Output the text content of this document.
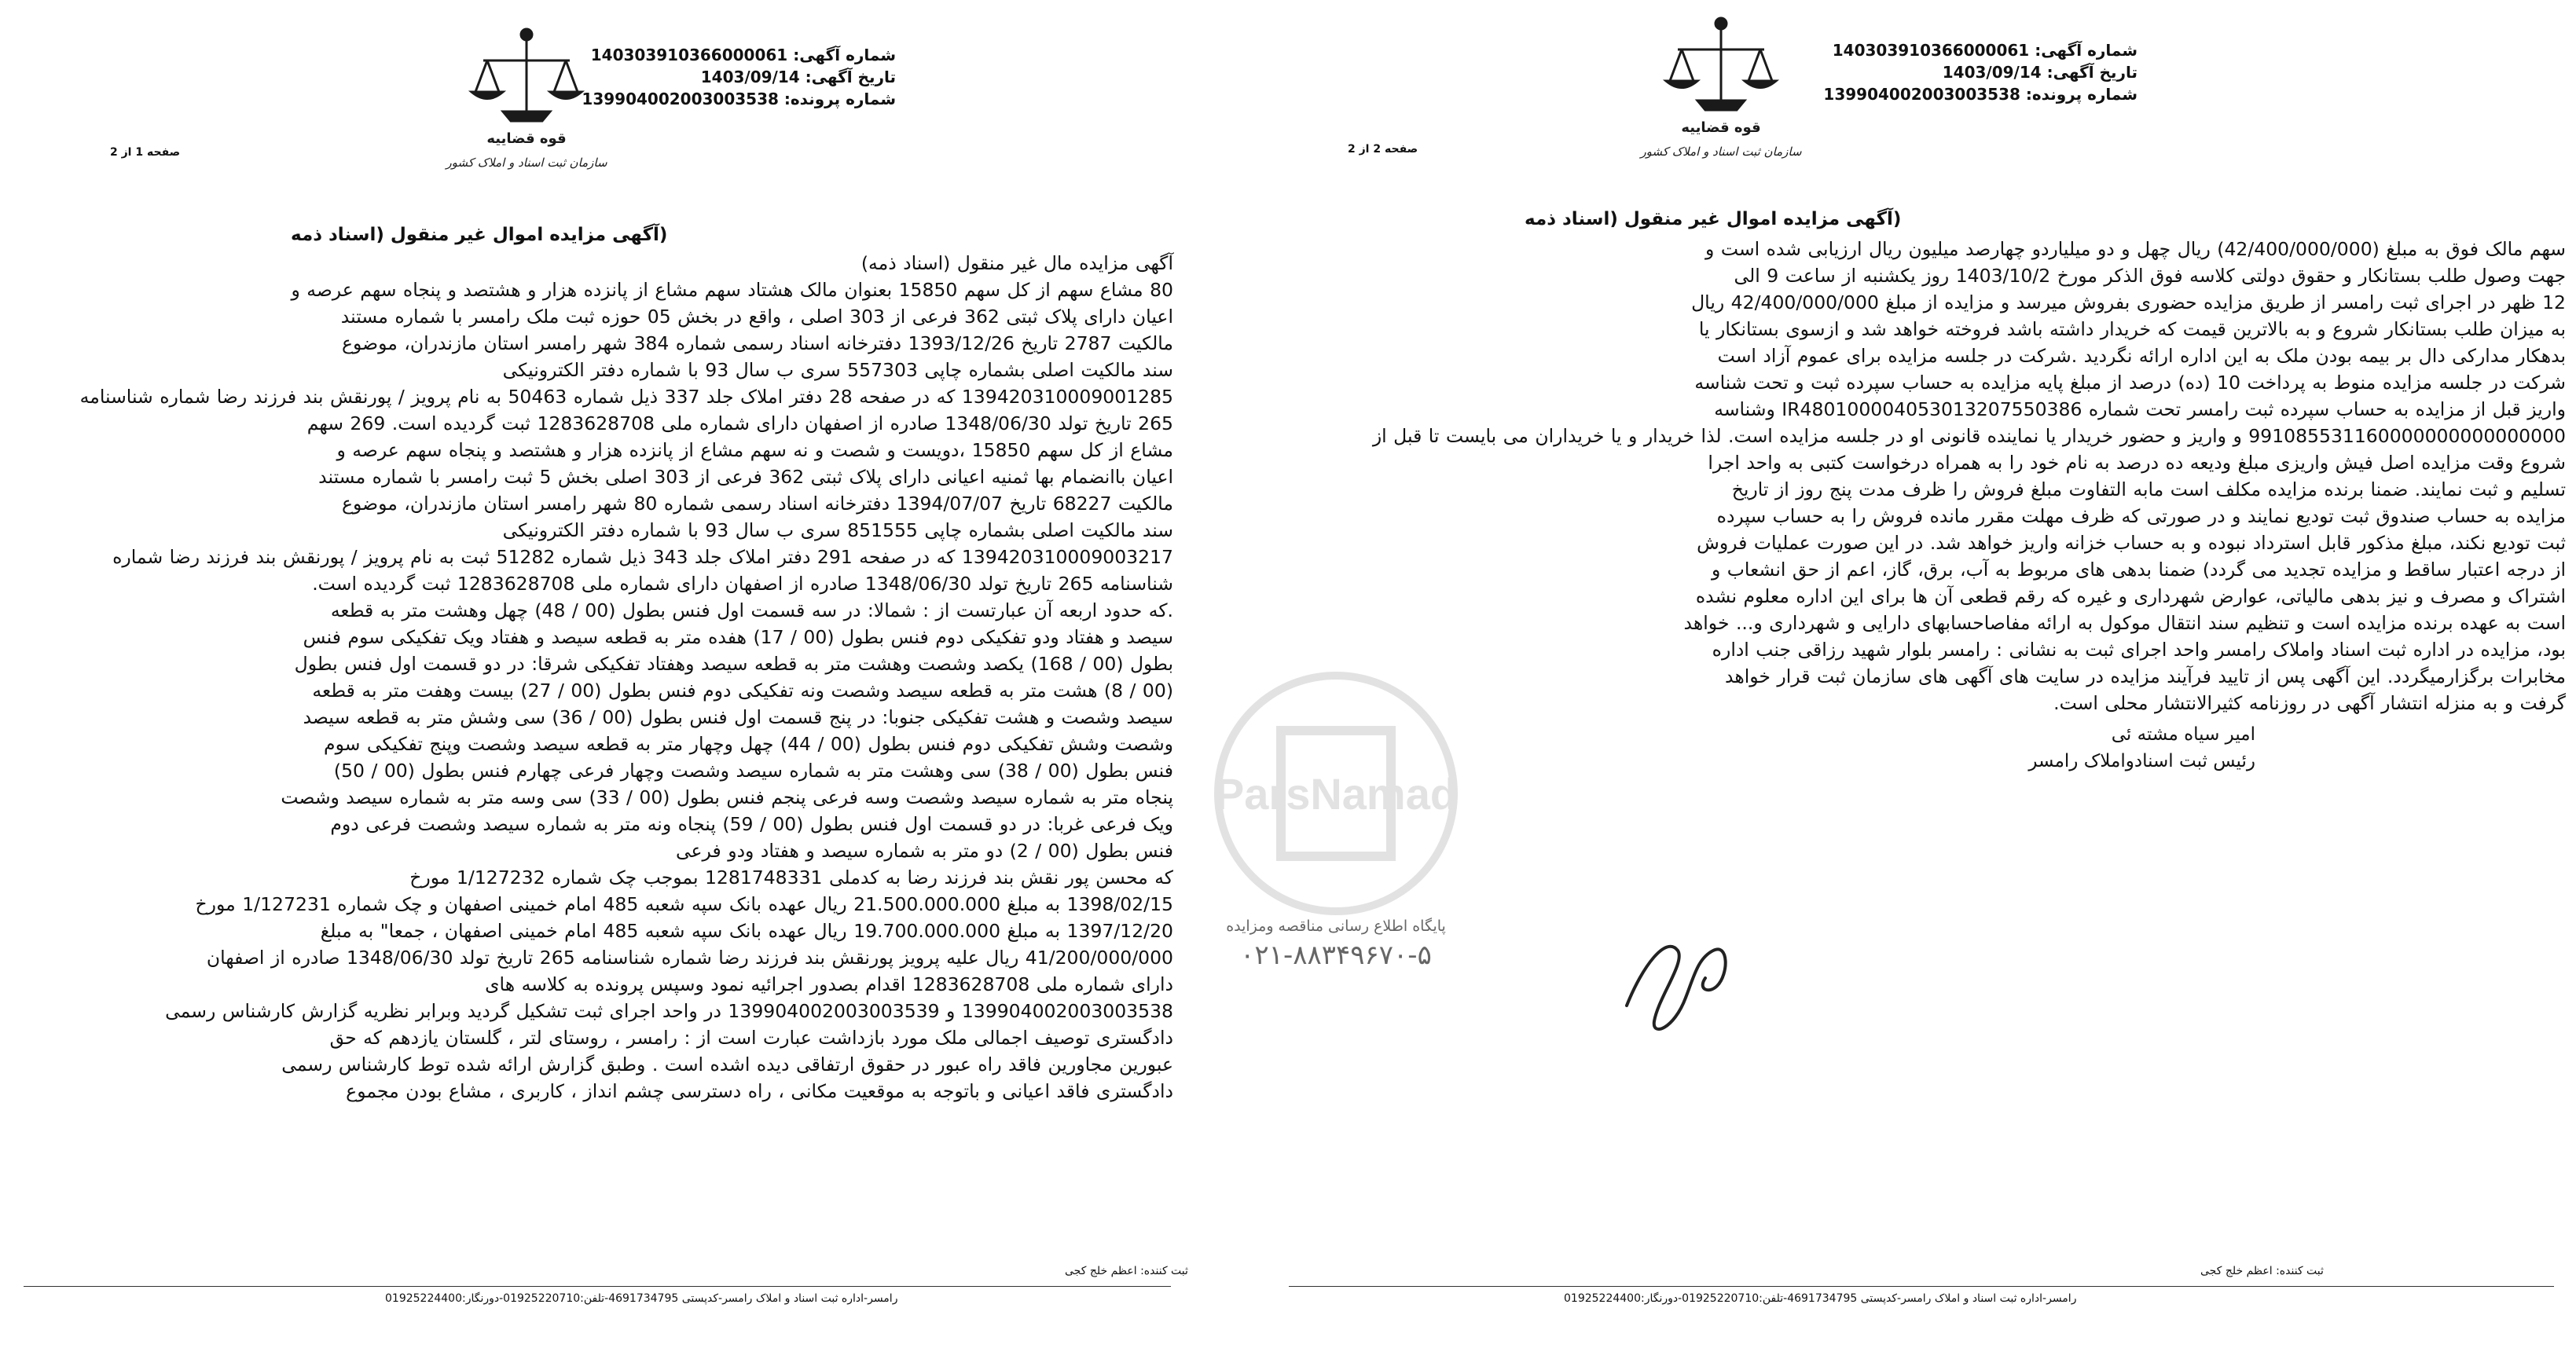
قوه قضاییه
سازمان ثبت اسناد و املاک کشور
شماره آگهی: 140303910366000061
تاریخ آگهی: 1403/09/14
شماره پرونده: 139904002003003538
صفحه 1 از 2
(آگهی مزایده اموال غیر منقول (اسناد ذمه

آگهی مزایده مال غیر منقول (اسناد ذمه)

80 مشاع سهم از کل سهم 15850 بعنوان مالک هشتاد سهم مشاع از پانزده هزار و هشتصد و پنجاه سهم عرصه و

اعیان دارای پلاک ثبتی 362 فرعی از 303 اصلی ، واقع در بخش 05 حوزه ثبت ملک رامسر با شماره مستند

مالکیت 2787 تاریخ 1393/12/26 دفترخانه اسناد رسمی شماره 384 شهر رامسر استان مازندران، موضوع

سند مالکیت اصلی بشماره چاپی 557303 سری ب سال 93 با شماره دفتر الکترونیکی

139420310009001285 که در صفحه 28 دفتر املاک جلد 337 ذیل شماره 50463 به نام پرویز / پورنقش بند فرزند رضا شماره شناسنامه

265 تاریخ تولد 1348/06/30 صادره از اصفهان دارای شماره ملی 1283628708 ثبت گردیده است. 269 سهم

مشاع از کل سهم 15850 ،دویست و شصت و نه سهم مشاع از پانزده هزار و هشتصد و پنجاه سهم عرصه و

اعیان باانضمام بها ثمنیه اعیانی دارای پلاک ثبتی 362 فرعی از 303 اصلی بخش 5 ثبت رامسر با شماره مستند

مالکیت 68227 تاریخ 1394/07/07 دفترخانه اسناد رسمی شماره 80 شهر رامسر استان مازندران، موضوع

سند مالکیت اصلی بشماره چاپی 851555 سری ب سال 93 با شماره دفتر الکترونیکی

139420310009003217 که در صفحه 291 دفتر املاک جلد 343 ذیل شماره 51282 ثبت به نام پرویز / پورنقش بند فرزند رضا شماره

شناسنامه 265 تاریخ تولد 1348/06/30 صادره از اصفهان دارای شماره ملی 1283628708 ثبت گردیده است.

.که حدود اربعه آن عبارتست از : شمالا: در سه قسمت اول فنس بطول (00 / 48) چهل وهشت متر به قطعه

سیصد و هفتاد ودو تفکیکی دوم فنس بطول (00 / 17) هفده متر به قطعه سیصد و هفتاد ویک تفکیکی سوم فنس

بطول (00 / 168) یکصد وشصت وهشت متر به قطعه سیصد وهفتاد تفکیکی شرقا: در دو قسمت اول فنس بطول

(00 / 8) هشت متر به قطعه سیصد وشصت ونه تفکیکی دوم فنس بطول (00 / 27) بیست وهفت متر به قطعه

سیصد وشصت و هشت تفکیکی جنوبا: در پنج قسمت اول فنس بطول (00 / 36) سی وشش متر به قطعه سیصد

وشصت وشش تفکیکی دوم فنس بطول (00 / 44) چهل وچهار متر به قطعه سیصد وشصت وپنج تفکیکی سوم

فنس بطول (00 / 38) سی وهشت متر به شماره سیصد وشصت وچهار فرعی چهارم فنس بطول (00 / 50)

پنجاه متر به شماره سیصد وشصت وسه فرعی پنجم فنس بطول (00 / 33) سی وسه متر به شماره سیصد وشصت

ویک فرعی غربا: در دو قسمت اول فنس بطول (00 / 59) پنجاه ونه متر به شماره سیصد وشصت فرعی دوم

فنس بطول (00 / 2) دو متر به شماره سیصد و هفتاد ودو فرعی

که محسن پور نقش بند فرزند رضا به کدملی 1281748331 بموجب چک شماره 1/127232 مورخ

1398/02/15 به مبلغ 21.500.000.000 ریال عهده بانک سپه شعبه 485 امام خمینی اصفهان و چک شماره 1/127231 مورخ

1397/12/20 به مبلغ 19.700.000.000 ریال عهده بانک سپه شعبه 485 امام خمینی اصفهان ، جمعا" به مبلغ

41/200/000/000 ریال علیه پرویز پورنقش بند فرزند رضا شماره شناسنامه 265 تاریخ تولد 1348/06/30 صادره از اصفهان

دارای شماره ملی 1283628708 اقدام بصدور اجرائیه نمود وسپس پرونده به کلاسه های

139904002003003538 و 139904002003003539 در واحد اجرای ثبت تشکیل گردید وبرابر نظریه گزارش کارشناس رسمی

دادگستری توصیف اجمالی ملک مورد بازداشت عبارت است از : رامسر ، روستای لتر ، گلستان یازدهم که حق

عبورین مجاورین فاقد راه عبور در حقوق ارتفاقی دیده اشده است . وطبق گزارش ارائه شده توط کارشناس رسمی

دادگستری فاقد اعیانی و باتوجه به موقعیت مکانی ، راه دسترسی چشم انداز ، کاربری ، مشاع بودن مجموع

ثبت کننده: اعظم خلج کجی
رامسر-اداره ثبت اسناد و املاک رامسر-کدپستی 4691734795-تلفن:01925220710-دورنگار:01925224400
قوه قضاییه
سازمان ثبت اسناد و املاک کشور
شماره آگهی: 140303910366000061
تاریخ آگهی: 1403/09/14
شماره پرونده: 139904002003003538
صفحه 2 از 2
(آگهی مزایده اموال غیر منقول (اسناد ذمه

سهم مالک فوق به مبلغ (42/400/000/000) ریال چهل و دو میلیاردو چهارصد میلیون ریال ارزیابی شده است و

جهت وصول طلب بستانکار و حقوق دولتی کلاسه فوق الذکر مورخ 1403/10/2 روز یکشنبه از ساعت 9 الی

12 ظهر در اجرای ثبت رامسر از طریق مزایده حضوری بفروش میرسد و مزایده از مبلغ 42/400/000/000 ریال

به میزان طلب بستانکار شروع و به بالاترین قیمت که خریدار داشته باشد فروخته خواهد شد و ازسوی بستانکار یا

بدهکار مدارکی دال بر بیمه بودن ملک به این اداره ارائه نگردید .شرکت در جلسه مزایده برای عموم آزاد است

شرکت در جلسه مزایده منوط به پرداخت 10 (ده) درصد از مبلغ پایه مزایده به حساب سپرده ثبت و تحت شناسه

واریز قبل از مزایده به حساب سپرده ثبت رامسر تحت شماره IR480100004053013207550386 وشناسه

991085531160000000000000000 و واریز و حضور خریدار یا نماینده قانونی او در جلسه مزایده است. لذا خریدار و یا خریداران می بایست تا قبل از

شروع وقت مزایده اصل فیش واریزی مبلغ ودیعه ده درصد به نام خود را به همراه درخواست کتبی به واحد اجرا

تسلیم و ثبت نمایند. ضمنا برنده مزایده مکلف است مابه التفاوت مبلغ فروش را ظرف مدت پنج روز از تاریخ

مزایده به حساب صندوق ثبت تودیع نمایند و در صورتی که ظرف مهلت مقرر مانده فروش را به حساب سپرده

ثبت تودیع نکند، مبلغ مذکور قابل استرداد نبوده و به حساب خزانه واریز خواهد شد. در این صورت عملیات فروش

از درجه اعتبار ساقط و مزایده تجدید می گردد) ضمنا بدهی های مربوط به آب، برق، گاز، اعم از حق انشعاب و

اشتراک و مصرف و نیز بدهی مالیاتی، عوارض شهرداری و غیره که رقم قطعی آن ها برای این اداره معلوم نشده

است به عهده برنده مزایده است و تنظیم سند انتقال موکول به ارائه مفاصاحسابهای دارایی و شهرداری و... خواهد

بود، مزایده در اداره ثبت اسناد واملاک رامسر واحد اجرای ثبت به نشانی : رامسر بلوار شهید رزاقی جنب اداره

مخابرات برگزارمیگردد. این آگهی پس از تایید فرآیند مزایده در سایت های آگهی های سازمان ثبت قرار خواهد

گرفت و به منزله انتشار آگهی در روزنامه کثیرالانتشار محلی است.

امیر سیاه مشته ئی
رئیس ثبت اسنادواملاک رامسر
ParsNamad
پایگاه اطلاع رسانی مناقصه ومزایده
۰۲۱-۸۸۳۴۹۶۷۰-۵
ثبت کننده: اعظم خلج کجی
رامسر-اداره ثبت اسناد و املاک رامسر-کدپستی 4691734795-تلفن:01925220710-دورنگار:01925224400
